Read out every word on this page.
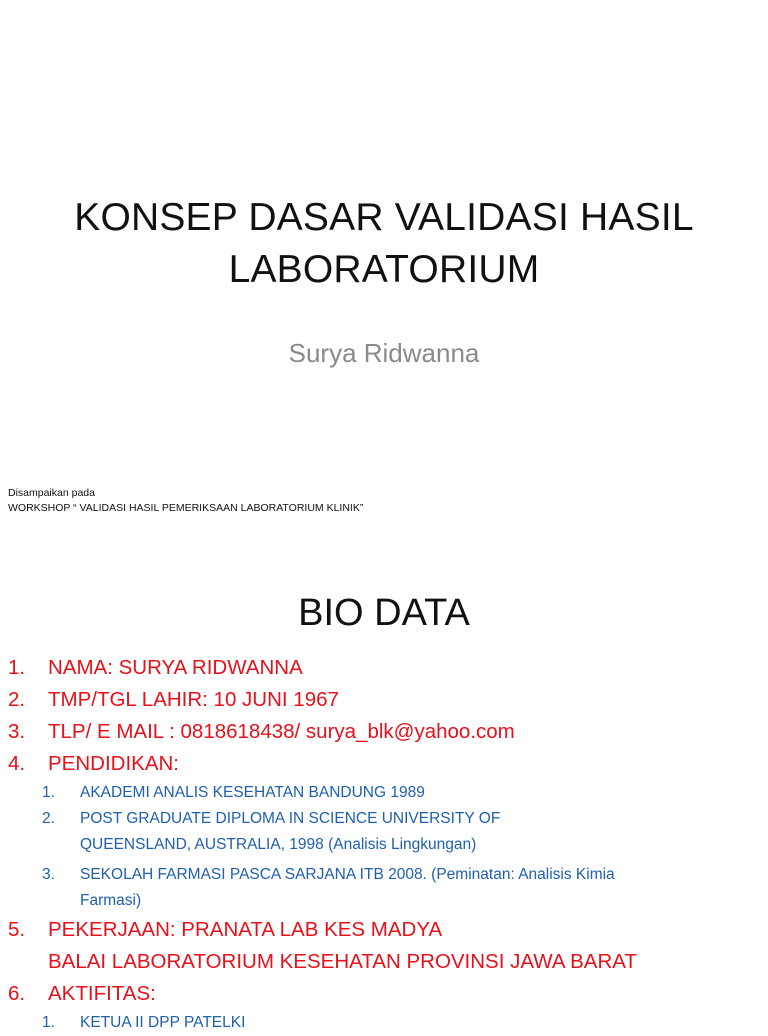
KONSEP DASAR VALIDASI HASIL
LABORATORIUM
Surya Ridwanna
Disampaikan pada
WORKSHOP “ VALIDASI HASIL PEMERIKSAAN LABORATORIUM KLINIK”
BIO DATA
1. NAMA: SURYA RIDWANNA
2. TMP/TGL LAHIR: 10 JUNI 1967
3. TLP/ E MAIL : 0818618438/ surya_blk@yahoo.com
4. PENDIDIKAN:
1. AKADEMI ANALIS KESEHATAN BANDUNG 1989
2. POST GRADUATE DIPLOMA IN SCIENCE UNIVERSITY OF
QUEENSLAND, AUSTRALIA, 1998 (Analisis Lingkungan)
3. SEKOLAH FARMASI PASCA SARJANA ITB 2008. (Peminatan: Analisis Kimia
Farmasi)
5. PEKERJAAN: PRANATA LAB KES MADYA
BALAI LABORATORIUM KESEHATAN PROVINSI JAWA BARAT
6. AKTIFITAS:
1. KETUA II DPP PATELKI
